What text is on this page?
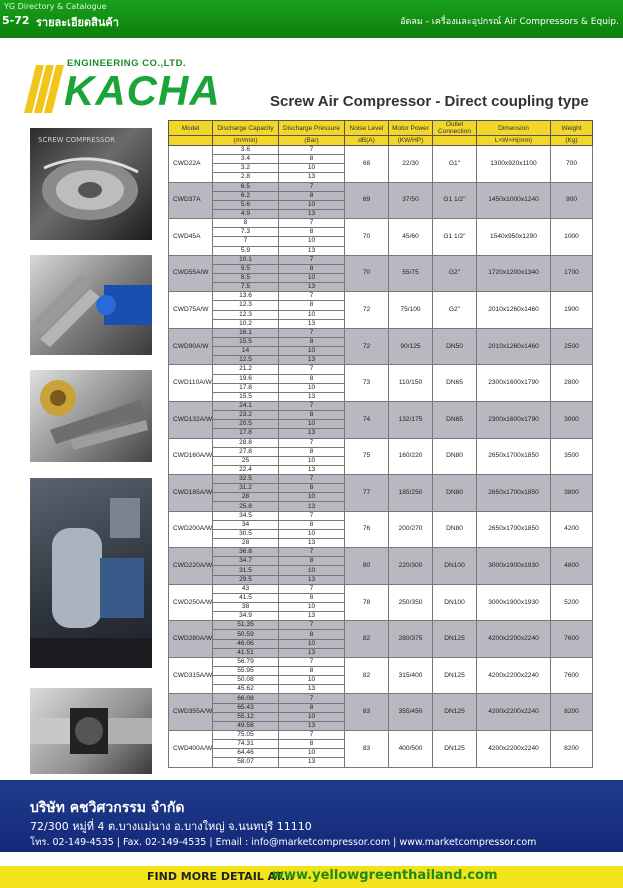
YG Directory & Catalogue
5-72 รายละเอียดสินค้า	อัดลม - เครื่องและอุปกรณ์ Air Compressors & Equip.
ENGINEERING CO.,LTD.
KACHA	Screw Air Compressor - Direct coupling type
SCREW COMPRESSOR
Model	Discharge Capacity	Discharge Pressure	Noise Level	Motor Power	Outlet Connection	Dimension	Weight
	(m³/min)	(Bar)	dB(A)	(KW/HP)		L×W×H(mm)	(Kg)
CWD22A	3.6	7	68	22/30	G1"	1300x920x1100	700
	3.4	8					
	3.2	10					
	2.8	13					
CWD37A	6.5	7	69	37/50	G1 1/2"	1450x1000x1240	900
	6.2	8					
	5.6	10					
	4.9	13					
CWD45A	8	7	70	45/60	G1 1/2"	1540x950x1290	1000
	7.3	8					
	7	10					
	5.9	13					
CWD55A/W	10.1	7	70	55/75	G2"	1720x1200x1340	1700
	9.5	8					
	8.5	10					
	7.5	13					
CWD75A/W	13.6	7	72	75/100	G2"	2010x1260x1460	1900
	12.3	8					
	12.3	10					
	10.2	13					
CWD90A/W	16.1	7	72	90/125	DN50	2010x1260x1460	2500
	15.5	8					
	14	10					
	12.5	13					
CWD110A/W	21.2	7	73	110/150	DN65	2300x1600x1790	2800
	19.6	8					
	17.8	10					
	15.5	13					
CWD132A/W	24.1	7	74	132/175	DN65	2300x1600x1790	3000
	23.2	8					
	20.5	10					
	17.8	13					
CWD160A/W	28.8	7	75	160/220	DN80	2650x1700x1850	3500
	27.8	8					
	25	10					
	22.4	13					
CWD185A/W	32.5	7	77	185/250	DN80	2650x1700x1850	3800
	31.2	8					
	28	10					
	25.8	13					
CWD200A/W	34.5	7	76	200/270	DN80	2650x1700x1850	4200
	34	8					
	30.5	10					
	28	13					
CWD220A/W	36.8	7	80	220/300	DN100	3000x1900x1930	4800
	34.7	8					
	31.5	10					
	29.5	13					
CWD250A/W	43	7	78	250/350	DN100	3000x1900x1930	5200
	41.5	8					
	38	10					
	34.9	13					
CWD280A/W	51.35	7	82	280/375	DN125	4200x2200x2240	7600
	50.59	8					
	46.06	10					
	41.51	13					
CWD315A/W	56.79	7	82	315/400	DN125	4200x2200x2240	7600
	55.95	8					
	50.08	10					
	45.62	13					
CWD355A/W	66.08	7	83	355/450	DN125	4200x2200x2240	8200
	65.43	8					
	55.12	10					
	49.58	13					
CWD400A/W	75.05	7	83	400/500	DN125	4200x2200x2240	8200
	74.31	8					
	64.46	10					
	58.07	13					
บริษัท คชวิศวกรรม จำกัด
72/300 หมู่ที่ 4 ต.บางแม่นาง อ.บางใหญ่ จ.นนทบุรี 11110
โทร. 02-149-4535 | Fax. 02-149-4535 | Email : info@marketcompressor.com | www.marketcompressor.com
FIND MORE DETAIL AT...
www.yellowgreenthailand.com
